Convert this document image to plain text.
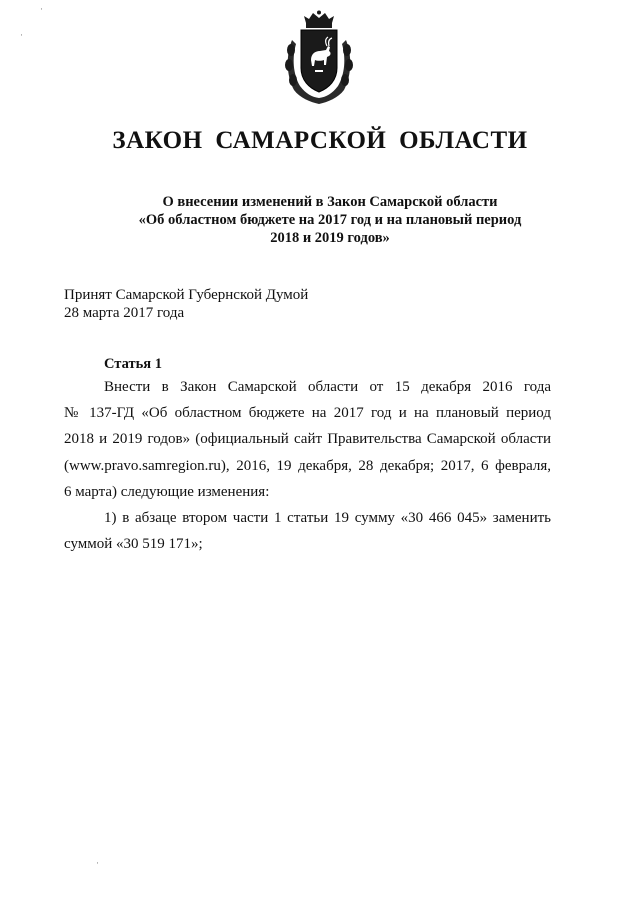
ЗАКОН САМАРСКОЙ ОБЛАСТИ
О внесении изменений в Закон Самарской области
«Об областном бюджете на 2017 год и на плановый период
2018 и 2019 годов»
Принят Самарской Губернской Думой
28 марта 2017 года
Статья 1
Внести в Закон Самарской области от 15 декабря 2016 года
№ 137-ГД «Об областном бюджете на 2017 год и на плановый период
2018 и 2019 годов» (официальный сайт Правительства Самарской области
(www.pravo.samregion.ru), 2016, 19 декабря, 28 декабря; 2017, 6 февраля,
6 марта) следующие изменения:
1) в абзаце втором части 1 статьи 19 сумму «30 466 045» заменить
суммой «30 519 171»;
·
·
·
